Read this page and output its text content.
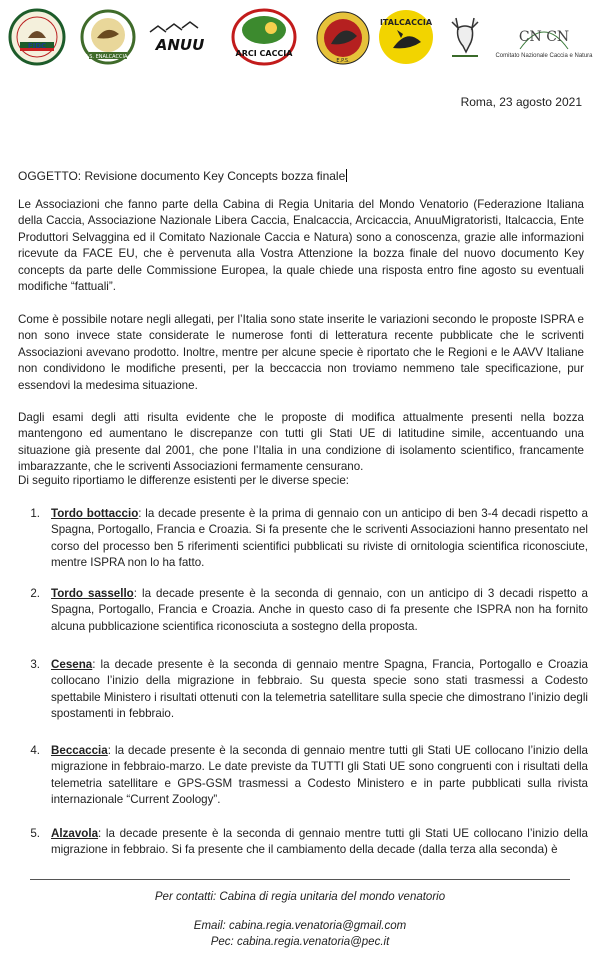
FIDC
E.N.S. ENALCACCIA P.T.
ANUU	ARCI CACCIA
E.P.S.
ITALCACCIA
CN CN
Comitato Nazionale Caccia e Natura
Roma, 23 agosto 2021
OGGETTO: Revisione documento Key Concepts bozza finale

Le Associazioni che fanno parte della Cabina di Regia Unitaria del Mondo Venatorio (Federazione Italiana della Caccia, Associazione Nazionale Libera Caccia, Enalcaccia, Arcicaccia, AnuuMigratoristi, Italcaccia, Ente Produttori Selvaggina ed il Comitato Nazionale Caccia e Natura) sono a conoscenza, grazie alle informazioni ricevute da FACE EU, che è pervenuta alla Vostra Attenzione la bozza finale del nuovo documento Key concepts da parte delle Commissione Europea, la quale chiede una risposta entro fine agosto su eventuali modifiche “fattuali”.

Come è possibile notare negli allegati, per l’Italia sono state inserite le variazioni secondo le proposte ISPRA e non sono invece state considerate le numerose fonti di letteratura recente pubblicate che le scriventi Associazioni avevano prodotto. Inoltre, mentre per alcune specie è riportato che le Regioni e le AAVV Italiane non condividono le modifiche presenti, per la beccaccia non troviamo nemmeno tale specificazione, pur essendovi la medesima situazione.

Dagli esami degli atti risulta evidente che le proposte di modifica attualmente presenti nella bozza mantengono ed aumentano le discrepanze con tutti gli Stati UE di latitudine simile, accentuando una situazione già presente dal 2001, che pone l’Italia in una condizione di isolamento scientifico, francamente imbarazzante, che le scriventi Associazioni fermamente censurano.

Di seguito riportiamo le differenze esistenti per le diverse specie:

1. Tordo bottaccio: la decade presente è la prima di gennaio con un anticipo di ben 3-4 decadi rispetto a Spagna, Portogallo, Francia e Croazia. Si fa presente che le scriventi Associazioni hanno presentato nel corso del processo ben 5 riferimenti scientifici pubblicati su riviste di ornitologia scientifica riconosciute, mentre ISPRA non lo ha fatto.
2. Tordo sassello: la decade presente è la seconda di gennaio, con un anticipo di 3 decadi rispetto a Spagna, Portogallo, Francia e Croazia. Anche in questo caso di fa presente che ISPRA non ha fornito alcuna pubblicazione scientifica riconosciuta a sostegno della proposta.
3. Cesena: la decade presente è la seconda di gennaio mentre Spagna, Francia, Portogallo e Croazia collocano l’inizio della migrazione in febbraio. Su questa specie sono stati trasmessi a Codesto spettabile Ministero i risultati ottenuti con la telemetria satellitare sulla specie che dimostrano l’inizio degli spostamenti in febbraio.
4. Beccaccia: la decade presente è la seconda di gennaio mentre tutti gli Stati UE collocano l’inizio della migrazione in febbraio-marzo. Le date previste da TUTTI gli Stati UE sono congruenti con i risultati della telemetria satellitare e GPS-GSM trasmessi a Codesto Ministero e in parte pubblicati sulla rivista internazionale “Current Zoology”.
5. Alzavola: la decade presente è la seconda di gennaio mentre tutti gli Stati UE collocano l’inizio della migrazione in febbraio. Si fa presente che il cambiamento della decade (dalla terza alla seconda) è
Per contatti: Cabina di regia unitaria del mondo venatorio
Email: cabina.regia.venatoria@gmail.com
Pec: cabina.regia.venatoria@pec.it
